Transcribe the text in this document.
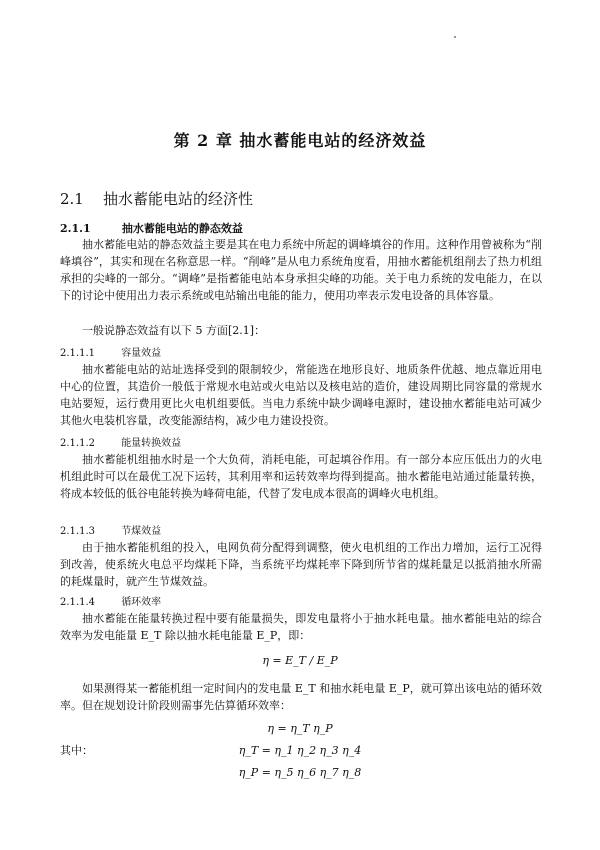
第 2 章 抽水蓄能电站的经济效益
2.1 抽水蓄能电站的经济性
2.1.1	抽水蓄能电站的静态效益

抽水蓄能电站的静态效益主要是其在电力系统中所起的调峰填谷的作用。这种作用曾被称为“削峰填谷”，其实和现在名称意思一样。“削峰”是从电力系统角度看，用抽水蓄能机组削去了热力机组承担的尖峰的一部分。“调峰”是指蓄能电站本身承担尖峰的功能。关于电力系统的发电能力，在以下的讨论中使用出力表示系统或电站输出电能的能力，使用功率表示发电设备的具体容量。

一般说静态效益有以下 5 方面[2.1]：

2.1.1.1	容量效益

抽水蓄能电站的站址选择受到的限制较少，常能选在地形良好、地质条件优越、地点靠近用电中心的位置，其造价一般低于常规水电站或火电站以及核电站的造价，建设周期比同容量的常规水电站要短，运行费用更比火电机组要低。当电力系统中缺少调峰电源时，建设抽水蓄能电站可减少其他火电装机容量，改变能源结构，减少电力建设投资。

2.1.1.2	能量转换效益

抽水蓄能机组抽水时是一个大负荷，消耗电能，可起填谷作用。有一部分本应压低出力的火电机组此时可以在最优工况下运转，其利用率和运转效率均得到提高。抽水蓄能电站通过能量转换，将成本较低的低谷电能转换为峰荷电能，代替了发电成本很高的调峰火电机组。

2.1.1.3	节煤效益

由于抽水蓄能机组的投入，电网负荷分配得到调整，使火电机组的工作出力增加，运行工况得到改善，使系统火电总平均煤耗下降，当系统平均煤耗率下降到所节省的煤耗量足以抵消抽水所需的耗煤量时，就产生节煤效益。

2.1.1.4	循环效率

抽水蓄能在能量转换过程中要有能量损失，即发电量将小于抽水耗电量。抽水蓄能电站的综合效率为发电能量 E_T 除以抽水耗电能量 E_P，即：

η = E_T / E_P

如果测得某一蓄能机组一定时间内的发电量 E_T 和抽水耗电量 E_P，就可算出该电站的循环效率。但在规划设计阶段则需事先估算循环效率：

η = η_T η_P
其中：	η_T = η_1 η_2 η_3 η_4
η_P = η_5 η_6 η_7 η_8
